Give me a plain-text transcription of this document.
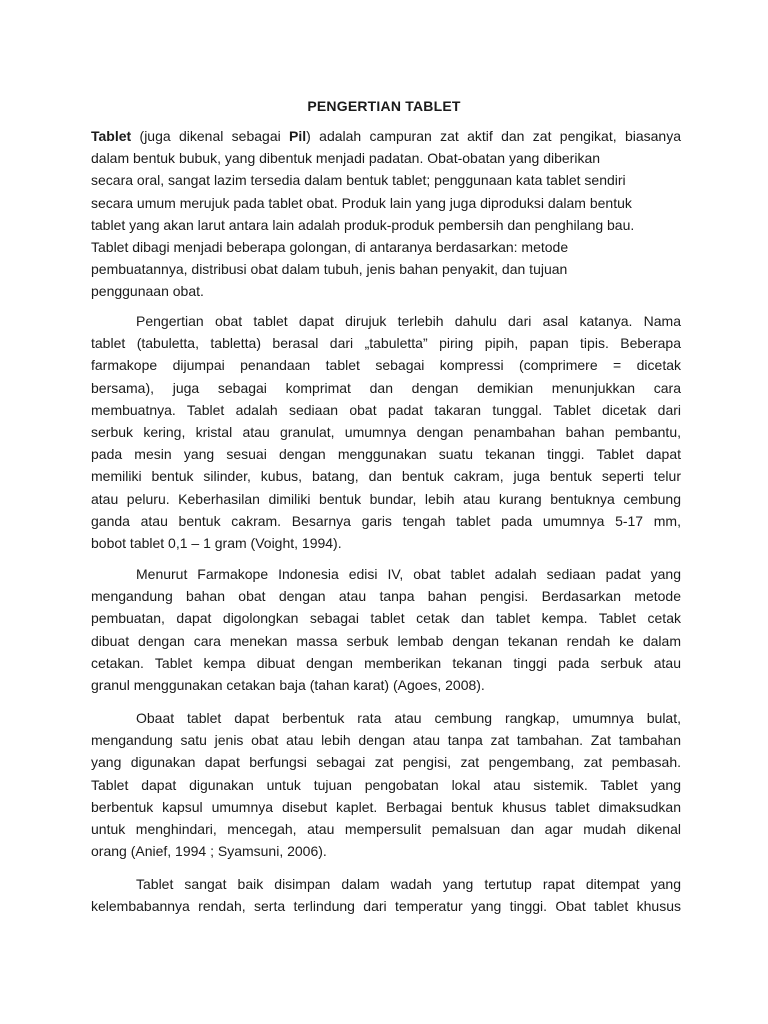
PENGERTIAN TABLET
Tablet (juga dikenal sebagai Pil) adalah campuran zat aktif dan zat pengikat, biasanya
dalam bentuk bubuk, yang dibentuk menjadi padatan. Obat-obatan yang diberikan
secara oral, sangat lazim tersedia dalam bentuk tablet; penggunaan kata tablet sendiri
secara umum merujuk pada tablet obat. Produk lain yang juga diproduksi dalam bentuk
tablet yang akan larut antara lain adalah produk-produk pembersih dan penghilang bau.
Tablet dibagi menjadi beberapa golongan, di antaranya berdasarkan: metode
pembuatannya, distribusi obat dalam tubuh, jenis bahan penyakit, dan tujuan
penggunaan obat.
Pengertian obat tablet dapat dirujuk terlebih dahulu dari asal katanya. Nama
tablet (tabuletta, tabletta) berasal dari „tabuletta” piring pipih, papan tipis. Beberapa
farmakope dijumpai penandaan tablet sebagai kompressi (comprimere = dicetak
bersama), juga sebagai komprimat dan dengan demikian menunjukkan cara
membuatnya. Tablet adalah sediaan obat padat takaran tunggal. Tablet dicetak dari
serbuk kering, kristal atau granulat, umumnya dengan penambahan bahan pembantu,
pada mesin yang sesuai dengan menggunakan suatu tekanan tinggi. Tablet dapat
memiliki bentuk silinder, kubus, batang, dan bentuk cakram, juga bentuk seperti telur
atau peluru. Keberhasilan dimiliki bentuk bundar, lebih atau kurang bentuknya cembung
ganda atau bentuk cakram. Besarnya garis tengah tablet pada umumnya 5-17 mm,
bobot tablet 0,1 – 1 gram (Voight, 1994).
Menurut Farmakope Indonesia edisi IV, obat tablet adalah sediaan padat yang
mengandung bahan obat dengan atau tanpa bahan pengisi. Berdasarkan metode
pembuatan, dapat digolongkan sebagai tablet cetak dan tablet kempa. Tablet cetak
dibuat dengan cara menekan massa serbuk lembab dengan tekanan rendah ke dalam
cetakan. Tablet kempa dibuat dengan memberikan tekanan tinggi pada serbuk atau
granul menggunakan cetakan baja (tahan karat) (Agoes, 2008).
Obaat tablet dapat berbentuk rata atau cembung rangkap, umumnya bulat,
mengandung satu jenis obat atau lebih dengan atau tanpa zat tambahan. Zat tambahan
yang digunakan dapat berfungsi sebagai zat pengisi, zat pengembang, zat pembasah.
Tablet dapat digunakan untuk tujuan pengobatan lokal atau sistemik. Tablet yang
berbentuk kapsul umumnya disebut kaplet. Berbagai bentuk khusus tablet dimaksudkan
untuk menghindari, mencegah, atau mempersulit pemalsuan dan agar mudah dikenal
orang (Anief, 1994 ; Syamsuni, 2006).
Tablet sangat baik disimpan dalam wadah yang tertutup rapat ditempat yang
kelembabannya rendah, serta terlindung dari temperatur yang tinggi. Obat tablet khusus
